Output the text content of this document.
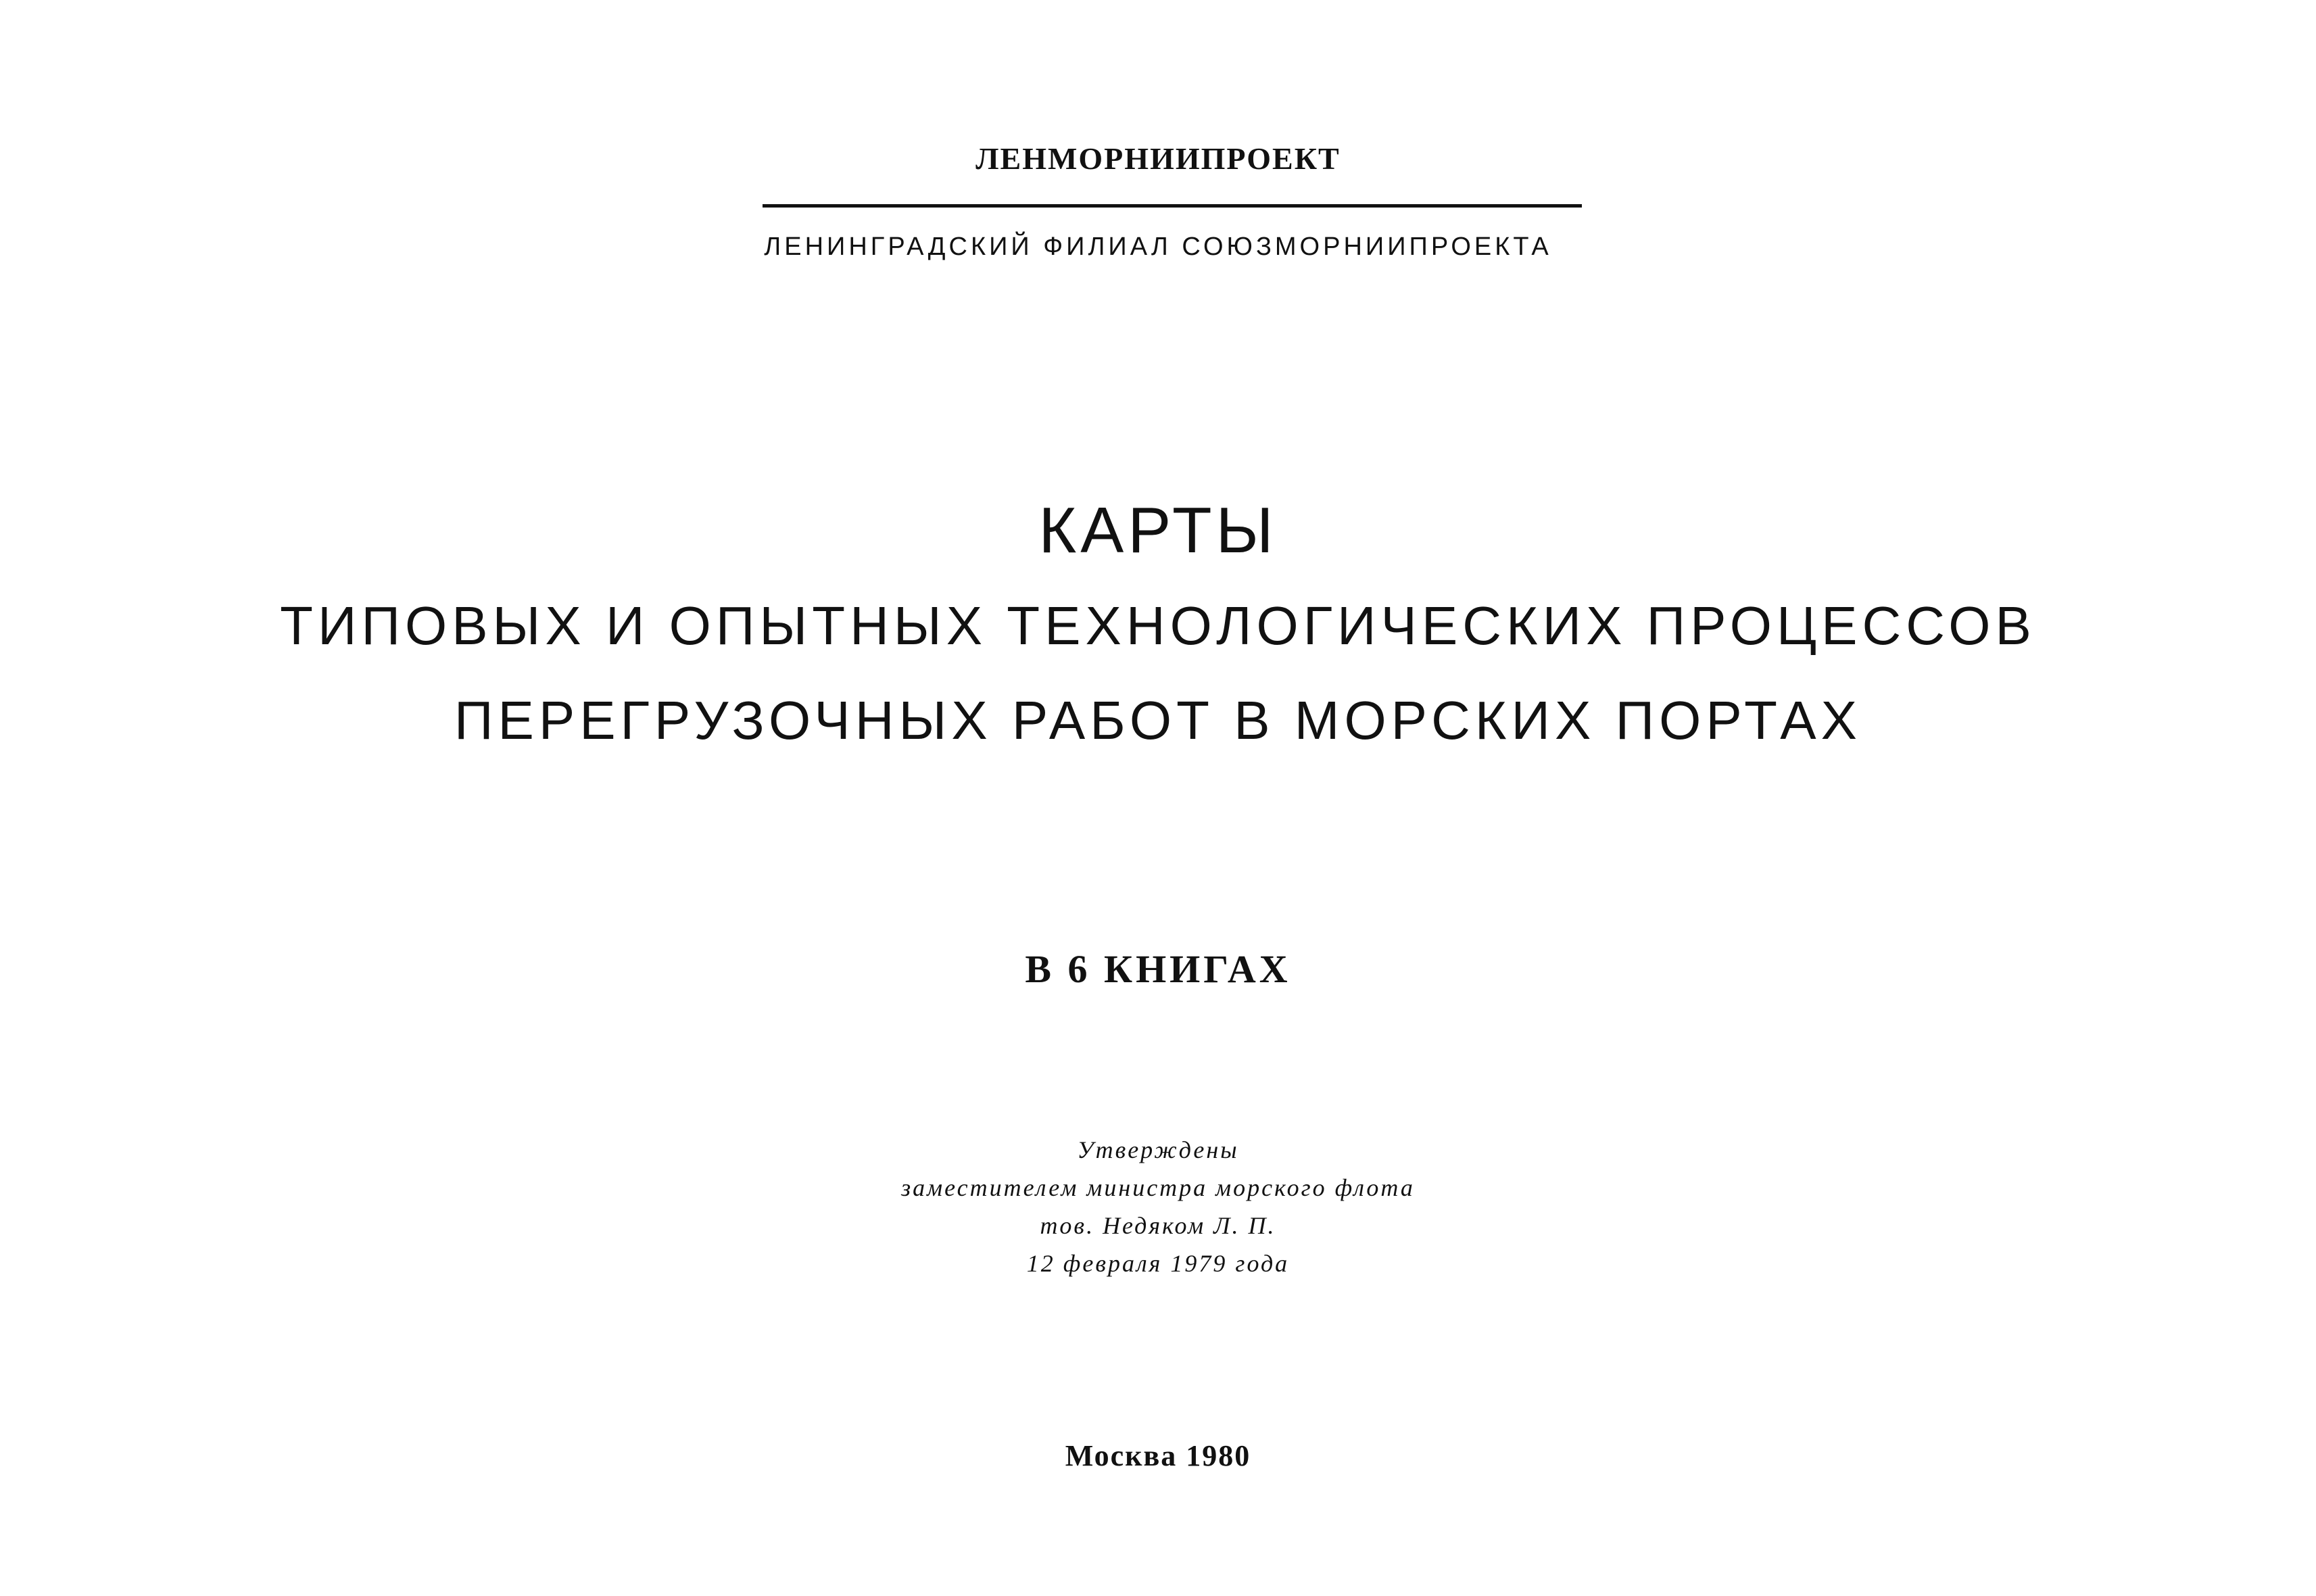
ЛЕНМОРНИИПРОЕКТ
ЛЕНИНГРАДСКИЙ ФИЛИАЛ СОЮЗМОРНИИПРОЕКТА
КАРТЫ
ТИПОВЫХ И ОПЫТНЫХ ТЕХНОЛОГИЧЕСКИХ ПРОЦЕССОВ
ПЕРЕГРУЗОЧНЫХ РАБОТ В МОРСКИХ ПОРТАХ
В 6 КНИГАХ
Утверждены
заместителем министра морского флота
тов. Недяком Л. П.
12 февраля 1979 года
Москва 1980
